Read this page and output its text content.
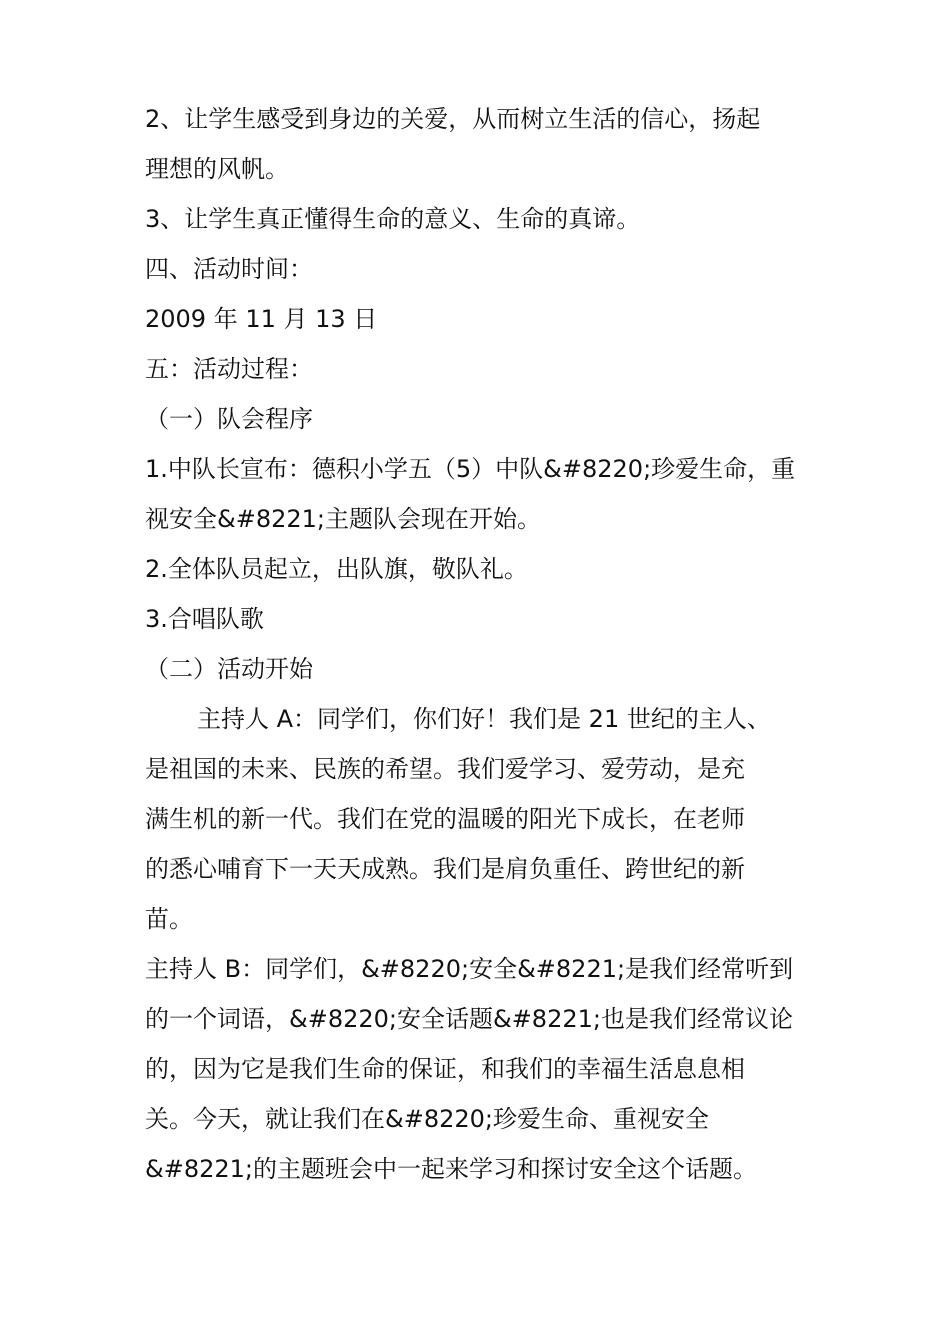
2、让学生感受到身边的关爱，从而树立生活的信心，扬起
理想的风帆。
3、让学生真正懂得生命的意义、生命的真谛。
四、活动时间：
2009 年 11 月 13 日
五：活动过程：
（一）队会程序
1.中队长宣布：德积小学五（5）中队&#8220;珍爱生命，重
视安全&#8221;主题队会现在开始。
2.全体队员起立，出队旗，敬队礼。
3.合唱队歌
（二）活动开始
主持人 A：同学们，你们好！我们是 21 世纪的主人、
是祖国的未来、民族的希望。我们爱学习、爱劳动，是充
满生机的新一代。我们在党的温暖的阳光下成长，在老师
的悉心哺育下一天天成熟。我们是肩负重任、跨世纪的新
苗。
主持人 B：同学们，&#8220;安全&#8221;是我们经常听到
的一个词语，&#8220;安全话题&#8221;也是我们经常议论
的，因为它是我们生命的保证，和我们的幸福生活息息相
关。今天，就让我们在&#8220;珍爱生命、重视安全
&#8221;的主题班会中一起来学习和探讨安全这个话题。
